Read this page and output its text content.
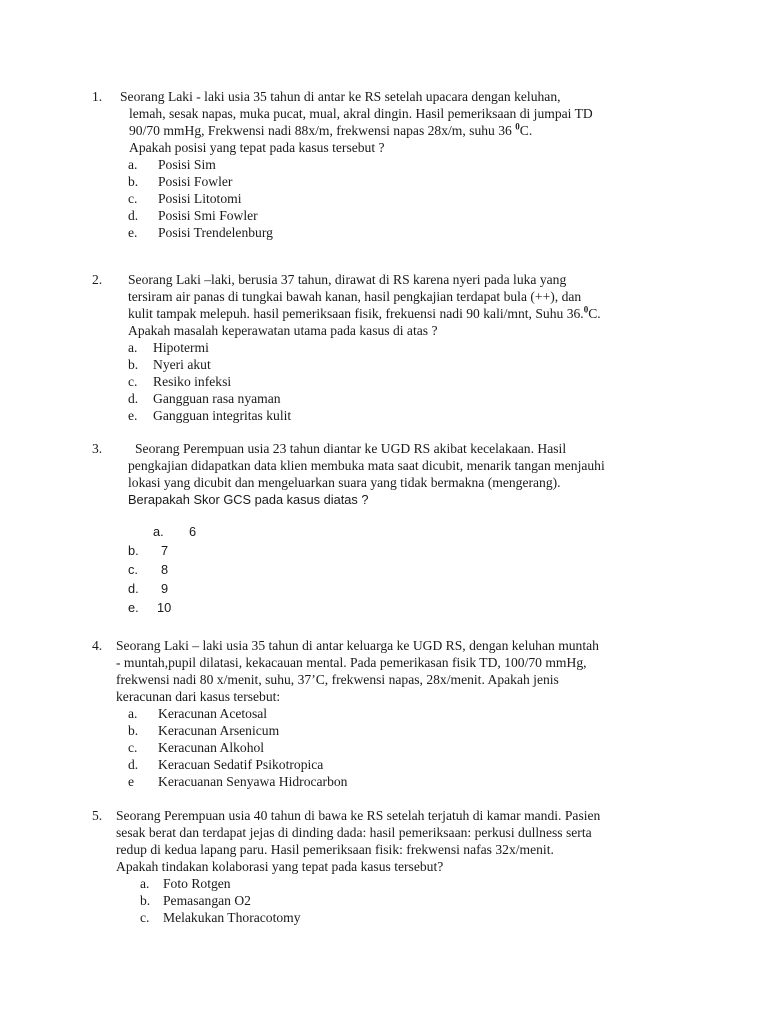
1. Seorang Laki - laki usia 35 tahun di antar ke RS setelah upacara dengan keluhan,

lemah, sesak napas, muka pucat, mual, akral dingin. Hasil pemeriksaan di jumpai TD

90/70 mmHg, Frekwensi nadi 88x/m, frekwensi napas 28x/m, suhu 36 $^0$C.

Apakah posisi yang tepat pada kasus tersebut ?

a. Posisi Sim
b. Posisi Fowler
c. Posisi Litotomi
d. Posisi Smi Fowler
e. Posisi Trendelenburg
2. Seorang Laki –laki, berusia 37 tahun, dirawat di RS karena nyeri pada luka yang

tersiram air panas di tungkai bawah kanan, hasil pengkajian terdapat bula (++), dan

kulit tampak melepuh. hasil pemeriksaan fisik, frekuensi nadi 90 kali/mnt, Suhu 36.$^0$C.

Apakah masalah keperawatan utama pada kasus di atas ?

a. Hipotermi
b. Nyeri akut
c. Resiko infeksi
d. Gangguan rasa nyaman
e. Gangguan integritas kulit
3.	Seorang Perempuan usia 23 tahun diantar ke UGD RS akibat kecelakaan. Hasil

pengkajian didapatkan data klien membuka mata saat dicubit, menarik tangan menjauhi

lokasi yang dicubit dan mengeluarkan suara yang tidak bermakna (mengerang).

Berapakah Skor GCS pada kasus diatas ?

a. 6
b. 7
c. 8
d. 9
e. 10
4. Seorang Laki – laki usia 35 tahun di antar keluarga ke UGD RS, dengan keluhan muntah

- muntah,pupil dilatasi, kekacauan mental. Pada pemerikasan fisik TD, 100/70 mmHg,

frekwensi nadi 80 x/menit, suhu, 37’C, frekwensi napas, 28x/menit. Apakah jenis

keracunan dari kasus tersebut:

a. Keracunan Acetosal
b. Keracunan Arsenicum
c. Keracunan Alkohol
d. Keracuan Sedatif Psikotropica
e Keracuanan Senyawa Hidrocarbon
5. Seorang Perempuan usia 40 tahun di bawa ke RS setelah terjatuh di kamar mandi. Pasien

sesak berat dan terdapat jejas di dinding dada: hasil pemeriksaan: perkusi dullness serta

redup di kedua lapang paru. Hasil pemeriksaan fisik: frekwensi nafas 32x/menit.

Apakah tindakan kolaborasi yang tepat pada kasus tersebut?

a. Foto Rotgen
b. Pemasangan O2
c. Melakukan Thoracotomy
